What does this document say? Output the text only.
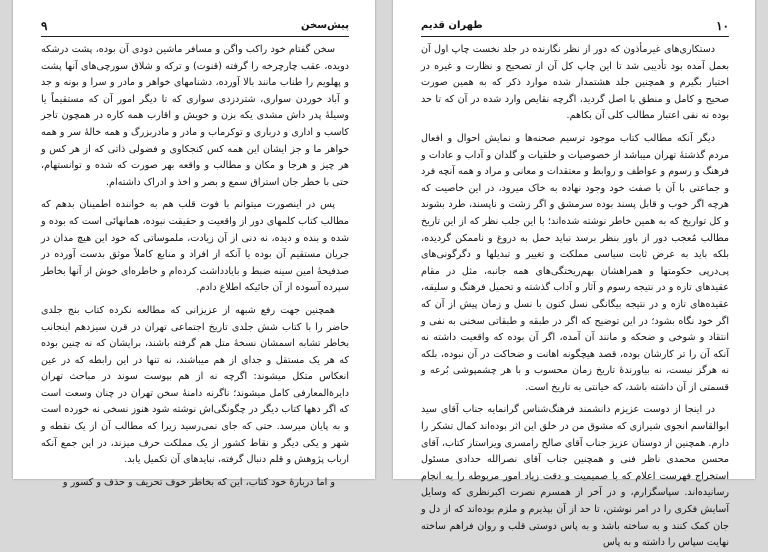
۹	پیش‌سخن

سخن گفتام خود راکب واگن و مسافر ماشین دودی آن بوده، پشت درشکه دویده، عقب چارچرخه را گرفته (قنوت) و ترکه و شلاق سورچی‌های آنها پشت و پهلویم را طناب مانند بالا آورده، دشنامهای خواهر و مادر و سرا و بونه و جد و آباد خوردن سواری، شتردزدی سواری که تا دیگر امور آن که مستقیماً یا وسیلهٔ پدر داش مشدی یکه بزن و خویش و اقارب همه کاره در همچون تاجر کاسب و اداری و درباری و توکرماب و مادر و مادربزرگ و همه خالهٔ سر و همه خواهر ما و جز ایشان این همه کس کنجکاوی و فضولی ذاتی که از هر کس و هر چیز و هرجا و مکان و مطالب و واقعه بهر صورت که شده و توانستهام، حتی با خطر جان استراق سمع و بصر و اخذ و ادراک داشته‌ام.

پس در اینصورت میتوانم با فوت قلب هم به خواننده اطمینان بدهم که مطالب کتاب کلمهای دور از واقعیت و حقیقت نبوده، همانهائی است که بوده و شده و بنده و دیده، نه دنی از آن زیادت، ملموساتی که خود این هیچ مدان در جریان مستقیم آن بوده یا آنکه از افراد و منابع کاملاً موثق بدست آورده در صدفیحهٔ امین سینه ضبط و بایادداشت کرده‌ام و خاطره‌ای خوش از آنها بخاطر سپرده آسوده از آن جائیکه اطلاع دادم.

همچنین جهت رفع شبهه از عزیزانی که مطالعه نکرده کتاب بنج جلدی حاضر را با کتاب شش جلدی تاریخ اجتماعی تهران در قرن سیزدهم اینجانب بخاطر تشابه اسمشان نسخهٔ متل هم گرفته باشند، برایشان که نه چنین بوده که هر یک مستقل و جدای از هم میباشند، نه تنها در این رابطه که در عین انعکاس متکل میشوند: اگرچه نه از هم بپوست سوند در مباحث تهران دایرةالمعارفی کامل میشوند؛ ناگرنه دامنهٔ سخن تهران در چنان وسعت است که اگر دهها کتاب دیگر در چگونگی‌اش نوشته شود هنوز نسخی نه خورده است و به پایان میرسد. حتی که جای نمی‌رسید زیرا که مطالب آن از یک نقطه و شهر و یکی دیگر و نقاط کشور از یک مملکت حرف میزند، در این جمع آنکه ارباب پژوهش و قلم دنبال گرفته، نبایدهای آن تکمیل یابد.

و اما دربارهٔ خود کتاب، این که بخاطر خوف تحریف و حذف و کسور و

۱۰
طهران قدیم

دستکاری‌های غیرمأذون که دور از نظر نگارنده در جلد نخست چاپ اول آن بعمل آمده بود تأدیبی شد تا این چاپ کل آن از تصحیح و نظارت و غیره در اختیار بگیرم و همچنین جلد هشتمدار شده موارد ذکر که به همین صورت صحیح و کامل و منطق با اصل گردید، اگرچه نقایص وارد شده در آن که تا حد بوده نه نفی اعتبار مطالب کلی آن بکاهم.

دیگر آنکه مطالب کتاب موجود ترسیم صحنه‌ها و نمایش احوال و افعال مردم گذشتهٔ تهران میباشد از خصوصیات و خلقیات و گلدان و آداب و عادات و فرهنگ و رسوم و عواطف و روابط و معتقدات و معانی و مراد و همه آنچه فرد و جماعتی با آن با صفت خود وجود نهاده به خاک میرود، در این خاصیت که هرچه اگر خوب و قابل پسند بوده سرمشق و اگر زشت و ناپسند، طرد بشوند و کل تواریخ که به همین خاطر نوشته شده‌اند؛ با این جلب نظر که از این تاریخ مطالب مُعجب دور از باور بنظر برسد نباید حمل به دروغ و ناممکن گردیده، بلکه باید به عرض ثابت سیاسی مملکت و تغییر و تبدیلها و دگرگونی‌های پی‌درپی حکومتها و همراهشان بهم‌ریختگی‌های همه جانبه، مثل در مقام عقیدهای تازه و در نتیجه رسوم و آثار و آداب گذشته و تحمیل فرهنگ و سلیقه، عقیده‌های تازه و در نتیجه بیگانگی نسل کنون با نسل و زمان پیش از آن که اگر خود نگاه بشود؛ در این توضیح که اگر در طبقه و طبقاتی سخنی به نفی و انتقاد و شوخی و ضحکه و مانند آن آمده، اگر آن بوده که واقعیت داشته نه آنکه آن را تر کارشان بوده، قصد هیچگونه اهانت و ضحاکت در آن نبوده، بلکه نه هرگز نیست، نه بیاورندهٔ تاریخ زمان محسوب و با هر چشمپوشی بُرعه و قسمتی از آن داشته باشد، که خیانتی به تاریخ است.

در اینجا از دوست عزیزم دانشمند فرهنگ‌شناس گرانمایه جناب آقای سید ابوالقاسم انجوی شیرازی که مشوق من در خلق این اثر بوده‌اند کمال تشکر را دارم. همچنین از دوستان عزیز جناب آقای صالح رامسری ویراستار کتاب، آقای محسن محمدی ناظر فنی و همچنین جناب آقای نصرالله حدادی مسئول استخراج فهرست اعلام که با صمیمیت و دقت زیاد امور مربوطه را به انجام رسانیده‌اند. سپاسگزارم، و در آخر از همسرم نصرت اکبرنظری که وسایل آسایش فکری را در امر نوشتن، تا حد از آن بپذیرم و ملزم بوده‌اند که از دل و جان کمک کنند و به ساخته باشد و به پاس دوستی قلب و روان فراهم ساخته نهایت سپاس را داشته و به پاس
